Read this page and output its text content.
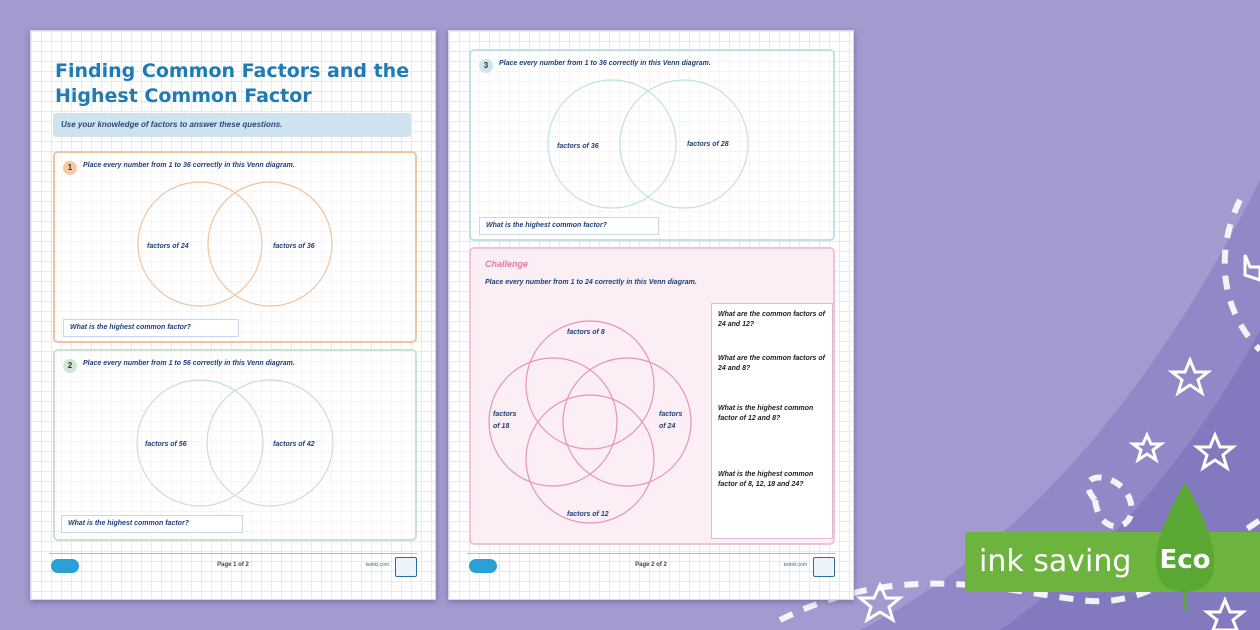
Finding Common Factors and the Highest Common Factor
Use your knowledge of factors to answer these questions.
1	Place every number from 1 to 36 correctly in this Venn diagram.
factors of 24	factors of 36
What is the highest common factor?
2	Place every number from 1 to 56 correctly in this Venn diagram.
factors of 56	factors of 42
What is the highest common factor?
Page 1 of 2	twinkl.com
3	Place every number from 1 to 36 correctly in this Venn diagram.
factors of 36	factors of 28
What is the highest common factor?
Challenge
Place every number from 1 to 24 correctly in this Venn diagram.
factors of 8
factors of 18
factors of 24
factors of 12
What are the common factors of 24 and 12?
What are the common factors of 24 and 8?
What is the highest common factor of 12 and 8?
What is the highest common factor of 8, 12, 18 and 24?
Page 2 of 2	twinkl.com	ink saving Eco
